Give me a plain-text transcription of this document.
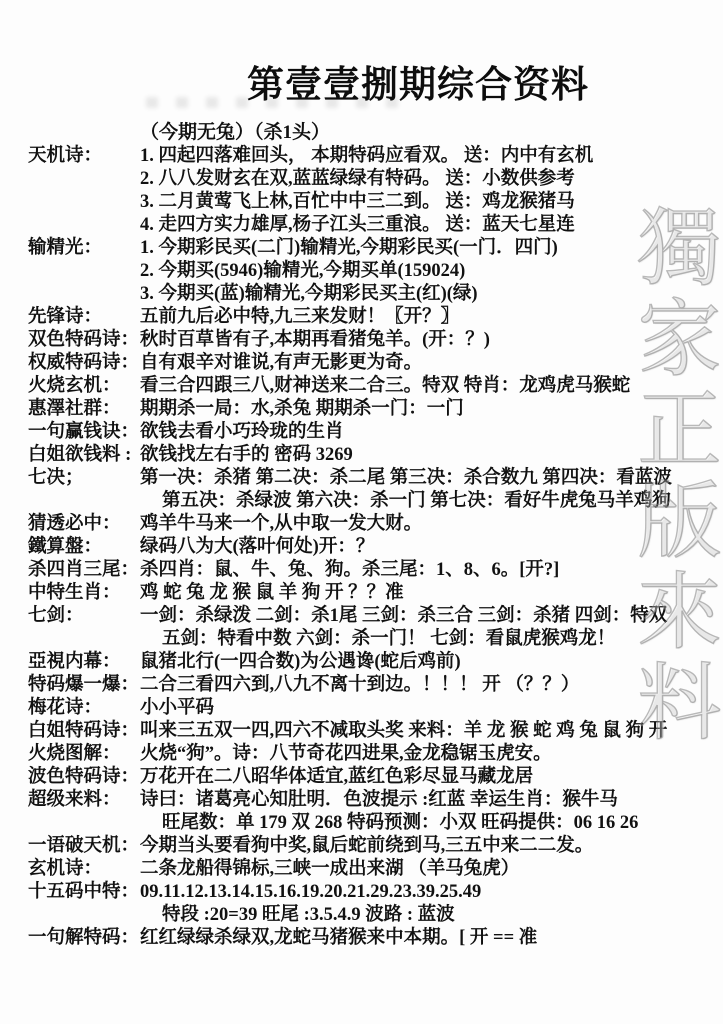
第壹壹捌期综合资料
（今期无兔）（杀1头）
天机诗：	1. 四起四落难回头， 本期特码应看双。 送：内中有玄机
2. 八八发财玄在双,蓝蓝绿绿有特码。 送：小数供参考
3. 二月黄莺飞上林,百忙中中三二到。 送：鸡龙猴猪马
4. 走四方实力雄厚,杨子江头三重浪。 送：蓝天七星连
输精光：	1. 今期彩民买(二门)输精光,今期彩民买(一门．四门)
2. 今期买(5946)输精光,今期买单(159024)
3. 今期买(蓝)输精光,今期彩民买主(红)(绿)
先锋诗：	五前九后必中特,九三来发财！〖开？〗
双色特码诗： 秋时百草皆有子,本期再看猪兔羊。(开：？)
权威特码诗： 自有艰辛对谁说,有声无影更为奇。
火烧玄机：	看三合四跟三八,财神送来二合三。特双 特肖：龙鸡虎马猴蛇
惠澤社群：	期期杀一局：水,杀兔 期期杀一门：一门
一句赢钱诀： 欲钱去看小巧玲珑的生肖
白姐欲钱料 : 欲钱找左右手的 密码 3269
七决；	第一决：杀猪 第二决：杀二尾 第三决：杀合数九 第四决：看蓝波
第五决：杀绿波 第六决：杀一门 第七决：看好牛虎兔马羊鸡狗
猜透必中：	鸡羊牛马来一个,从中取一发大财。
鐵算盤：	绿码八为大(落叶何处)开：？
杀四肖三尾： 杀四肖：鼠、牛、兔、狗。杀三尾：1、8、6。[开?]
中特生肖：	鸡 蛇 兔 龙 猴 鼠 羊 狗 开 ？？准
七剑：	一剑：杀绿泼 二剑：杀1尾 三剑：杀三合 三剑：杀猪 四剑：特双
五剑：特看中数 六剑：杀一门！ 七剑：看鼠虎猴鸡龙！
亞視内幕：	鼠猪北行(一四合数)为公遇谗(蛇后鸡前)
特码爆一爆： 二合三看四六到,八九不离十到边。！！！ 开 （？？）
梅花诗：	小小平码
白姐特码诗： 叫来三五双一四,四六不减取头奖 来料：羊 龙 猴 蛇 鸡 兔 鼠 狗 开
火烧图解：	火烧“狗”。诗：八节奇花四进果,金龙稳锯玉虎安。
波色特码诗： 万花开在二八昭华体适宜,蓝红色彩尽显马藏龙居
超级来料：	诗曰：诸葛亮心知肚明．色波提示 :红蓝 幸运生肖：猴牛马
旺尾数：单 179 双 268 特码预测：小双 旺码提供：06 16 26
一语破天机： 今期当头要看狗中奖,鼠后蛇前绕到马,三五中来二二发。
玄机诗：	二条龙船得锦标,三峡一成出来湖 （羊马兔虎）
十五码中特： 09.11.12.13.14.15.16.19.20.21.29.23.39.25.49
特段 :20=39 旺尾 :3.5.4.9 波路 : 蓝波
一句解特码： 红红绿绿杀绿双,龙蛇马猪猴来中本期。[ 开 == 准
獨家正版來料
